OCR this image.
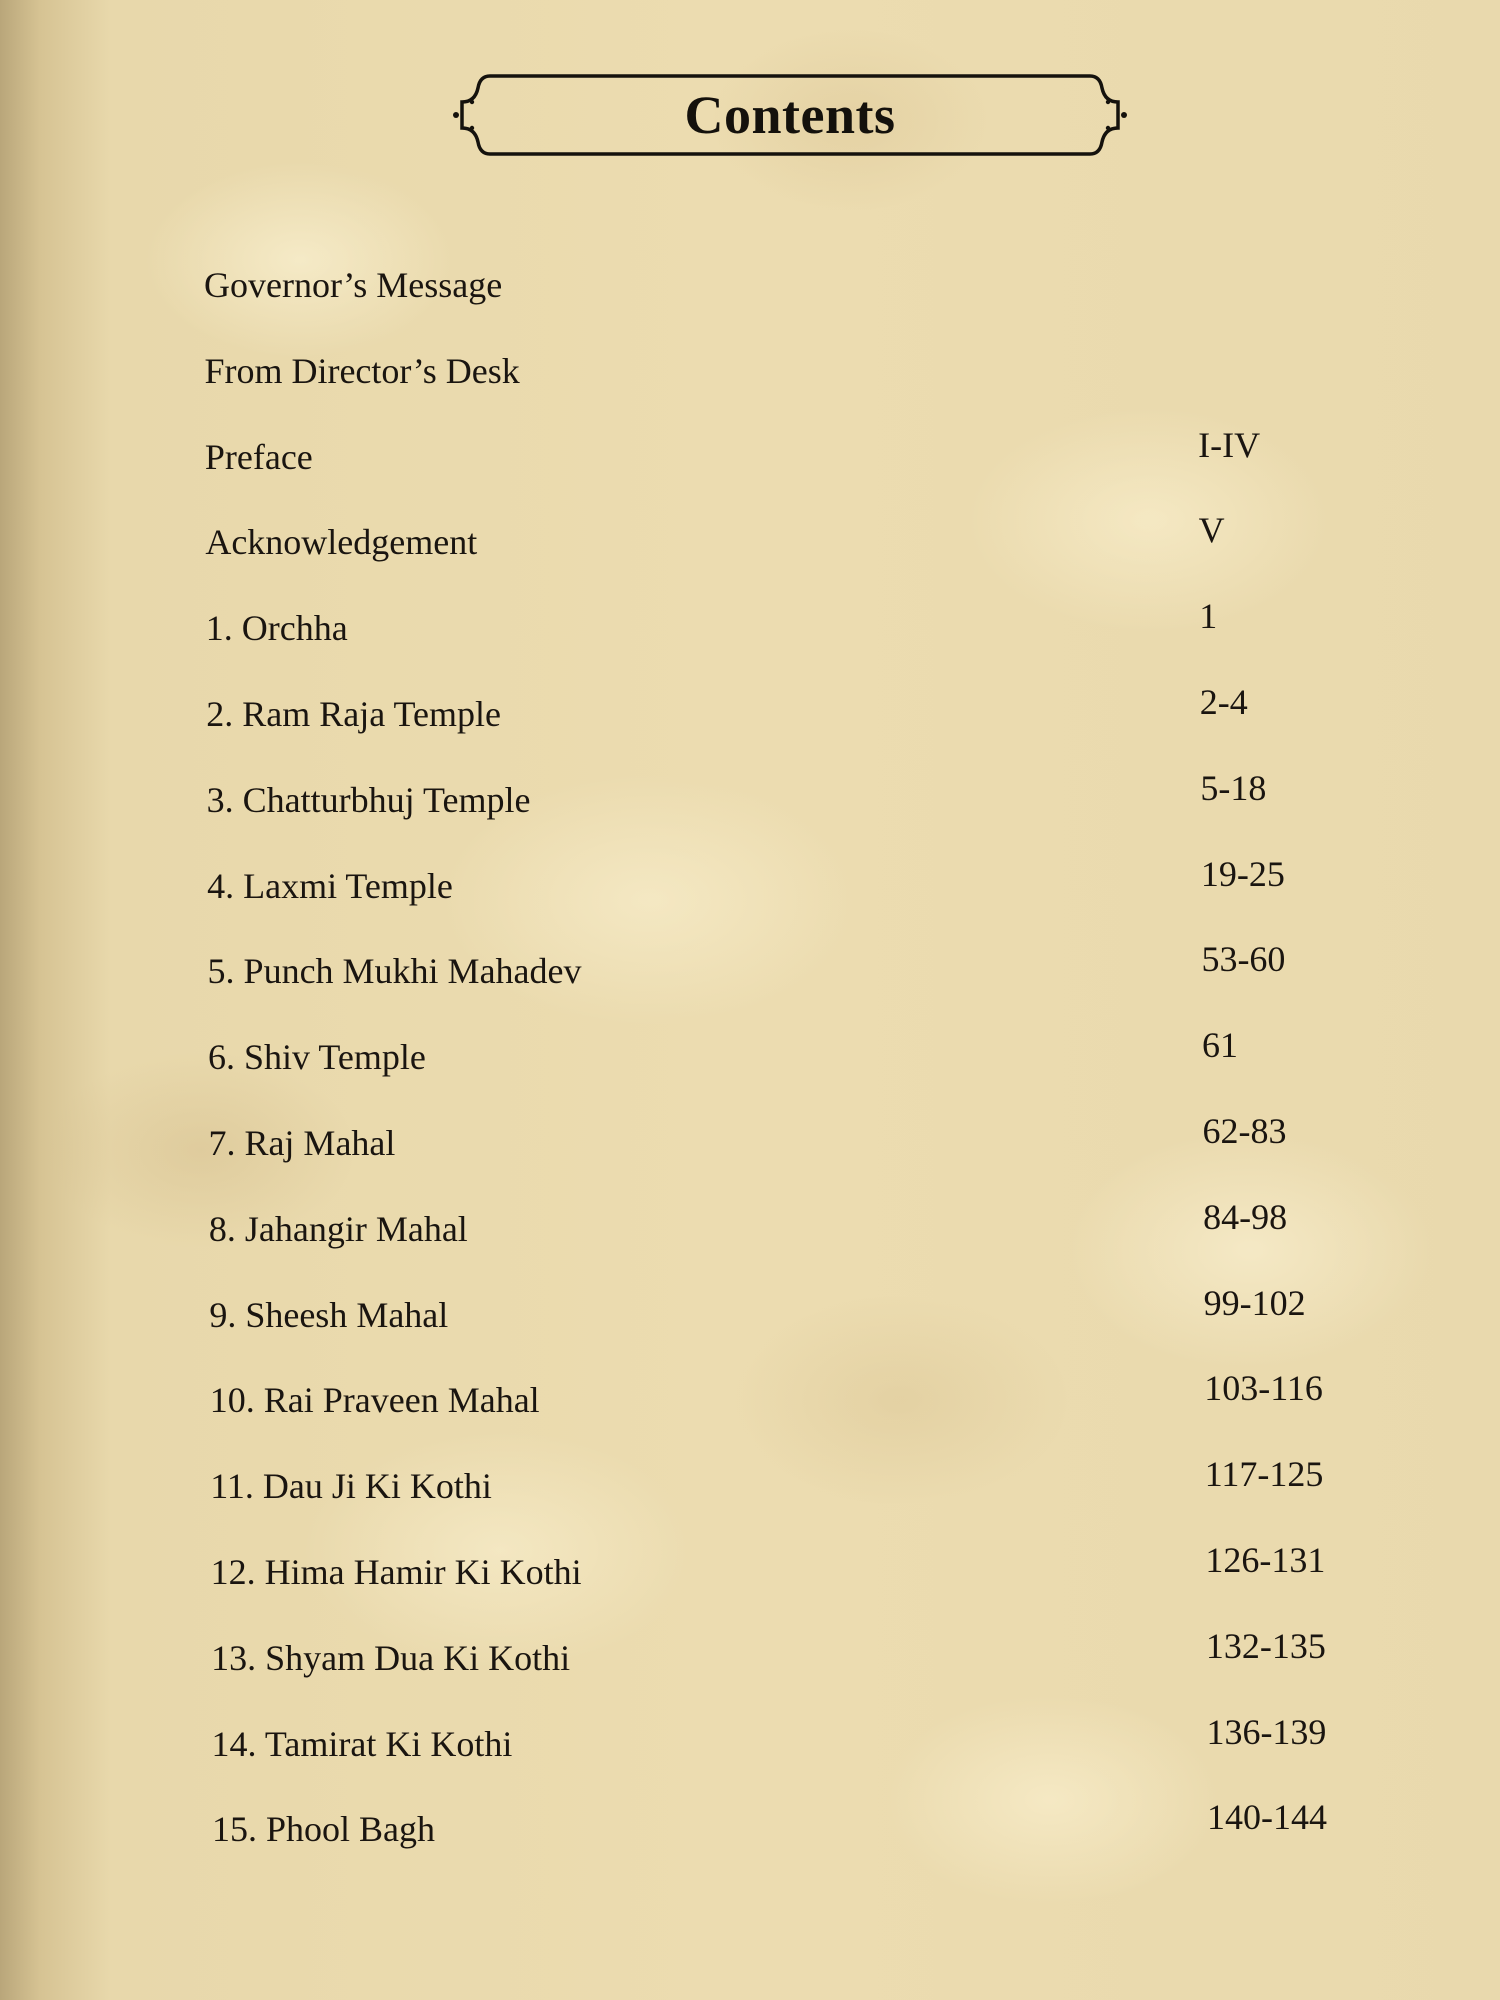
Contents
Governor’s Message
From Director’s Desk
Preface	I-IV
Acknowledgement	V
1. Orchha	1
2. Ram Raja Temple	2-4
3. Chatturbhuj Temple	5-18
4. Laxmi Temple	19-25
5. Punch Mukhi Mahadev	53-60
6. Shiv Temple	61
7. Raj Mahal	62-83
8. Jahangir Mahal	84-98
9. Sheesh Mahal	99-102
10. Rai Praveen Mahal	103-116
11. Dau Ji Ki Kothi	117-125
12. Hima Hamir Ki Kothi	126-131
13. Shyam Dua Ki Kothi	132-135
14. Tamirat Ki Kothi	136-139
15. Phool Bagh	140-144
